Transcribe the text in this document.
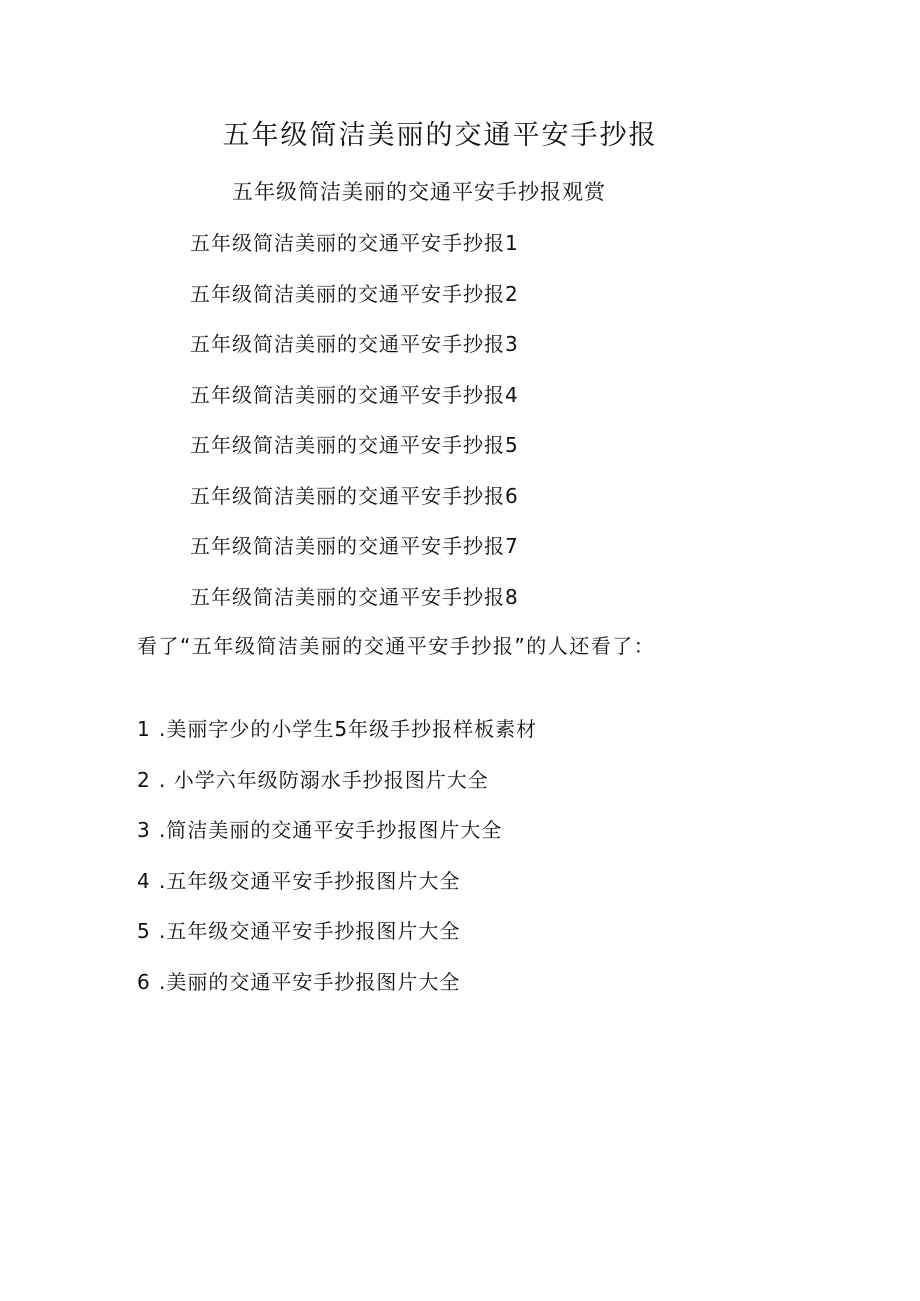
五年级简洁美丽的交通平安手抄报

五年级简洁美丽的交通平安手抄报观赏

五年级简洁美丽的交通平安手抄报1
五年级简洁美丽的交通平安手抄报2
五年级简洁美丽的交通平安手抄报3
五年级简洁美丽的交通平安手抄报4
五年级简洁美丽的交通平安手抄报5
五年级简洁美丽的交通平安手抄报6
五年级简洁美丽的交通平安手抄报7
五年级简洁美丽的交通平安手抄报8

看了“五年级简洁美丽的交通平安手抄报”的人还看了：

1 .美丽字少的小学生5年级手抄报样板素材
2 . 小学六年级防溺水手抄报图片大全
3 .简洁美丽的交通平安手抄报图片大全
4 .五年级交通平安手抄报图片大全
5 .五年级交通平安手抄报图片大全
6 .美丽的交通平安手抄报图片大全
